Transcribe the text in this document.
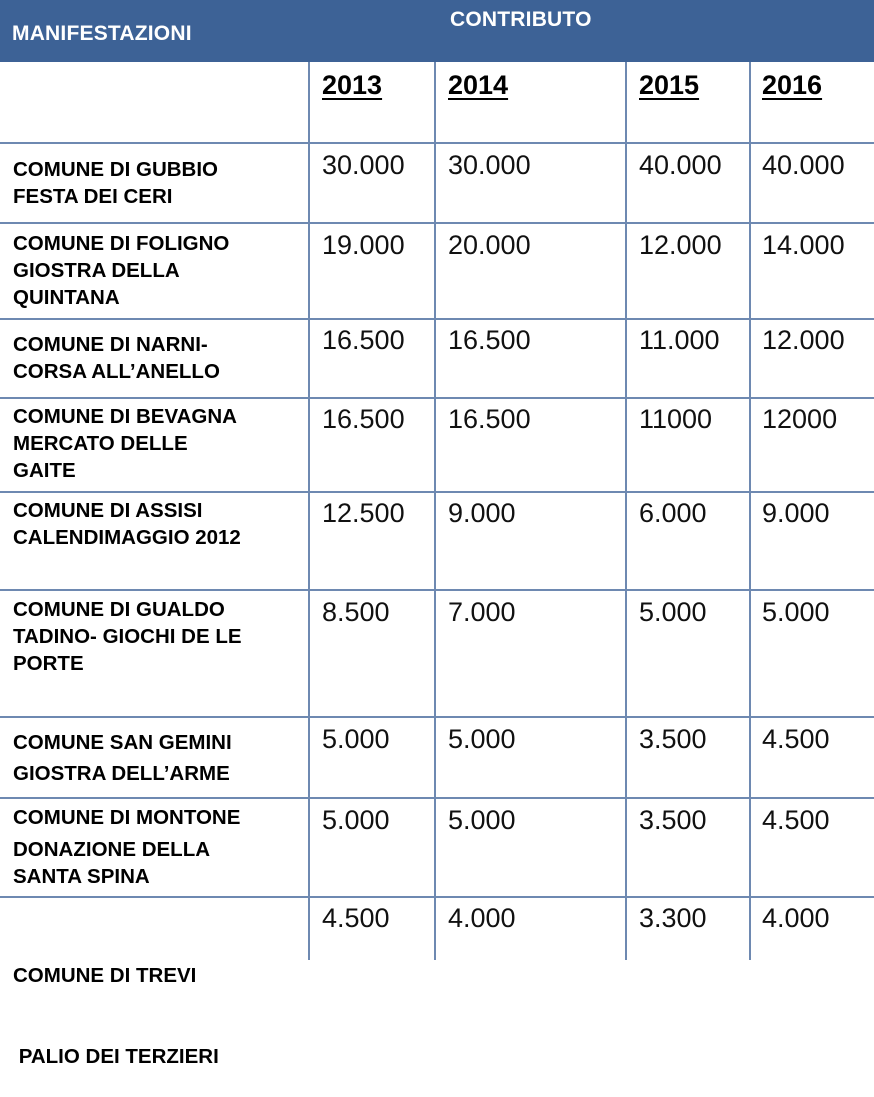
MANIFESTAZIONI
CONTRIBUTO
2013 2014	2015 2016
COMUNE DI GUBBIO
FESTA DEI CERI
30.000 30.000	40.000 40.000
COMUNE DI FOLIGNO
GIOSTRA DELLA
QUINTANA
19.000 20.000	12.000 14.000
COMUNE DI NARNI-
CORSA ALL’ANELLO
16.500 16.500	11.000 12.000
COMUNE DI BEVAGNA
MERCATO DELLE
GAITE
16.500 16.500	11000 12000
COMUNE DI ASSISI
CALENDIMAGGIO 2012
12.500 9.000	6.000 9.000
COMUNE DI GUALDO
TADINO- GIOCHI DE LE
PORTE
8.500 7.000	5.000 5.000
COMUNE SAN GEMINI
GIOSTRA DELL’ARME
5.000 5.000	3.500 4.500
COMUNE DI MONTONE
DONAZIONE DELLA
SANTA SPINA
5.000 5.000	3.500 4.500

COMUNE DI TREVI

PALIO DEI TERZIERI

4.500 4.000	3.300 4.000
